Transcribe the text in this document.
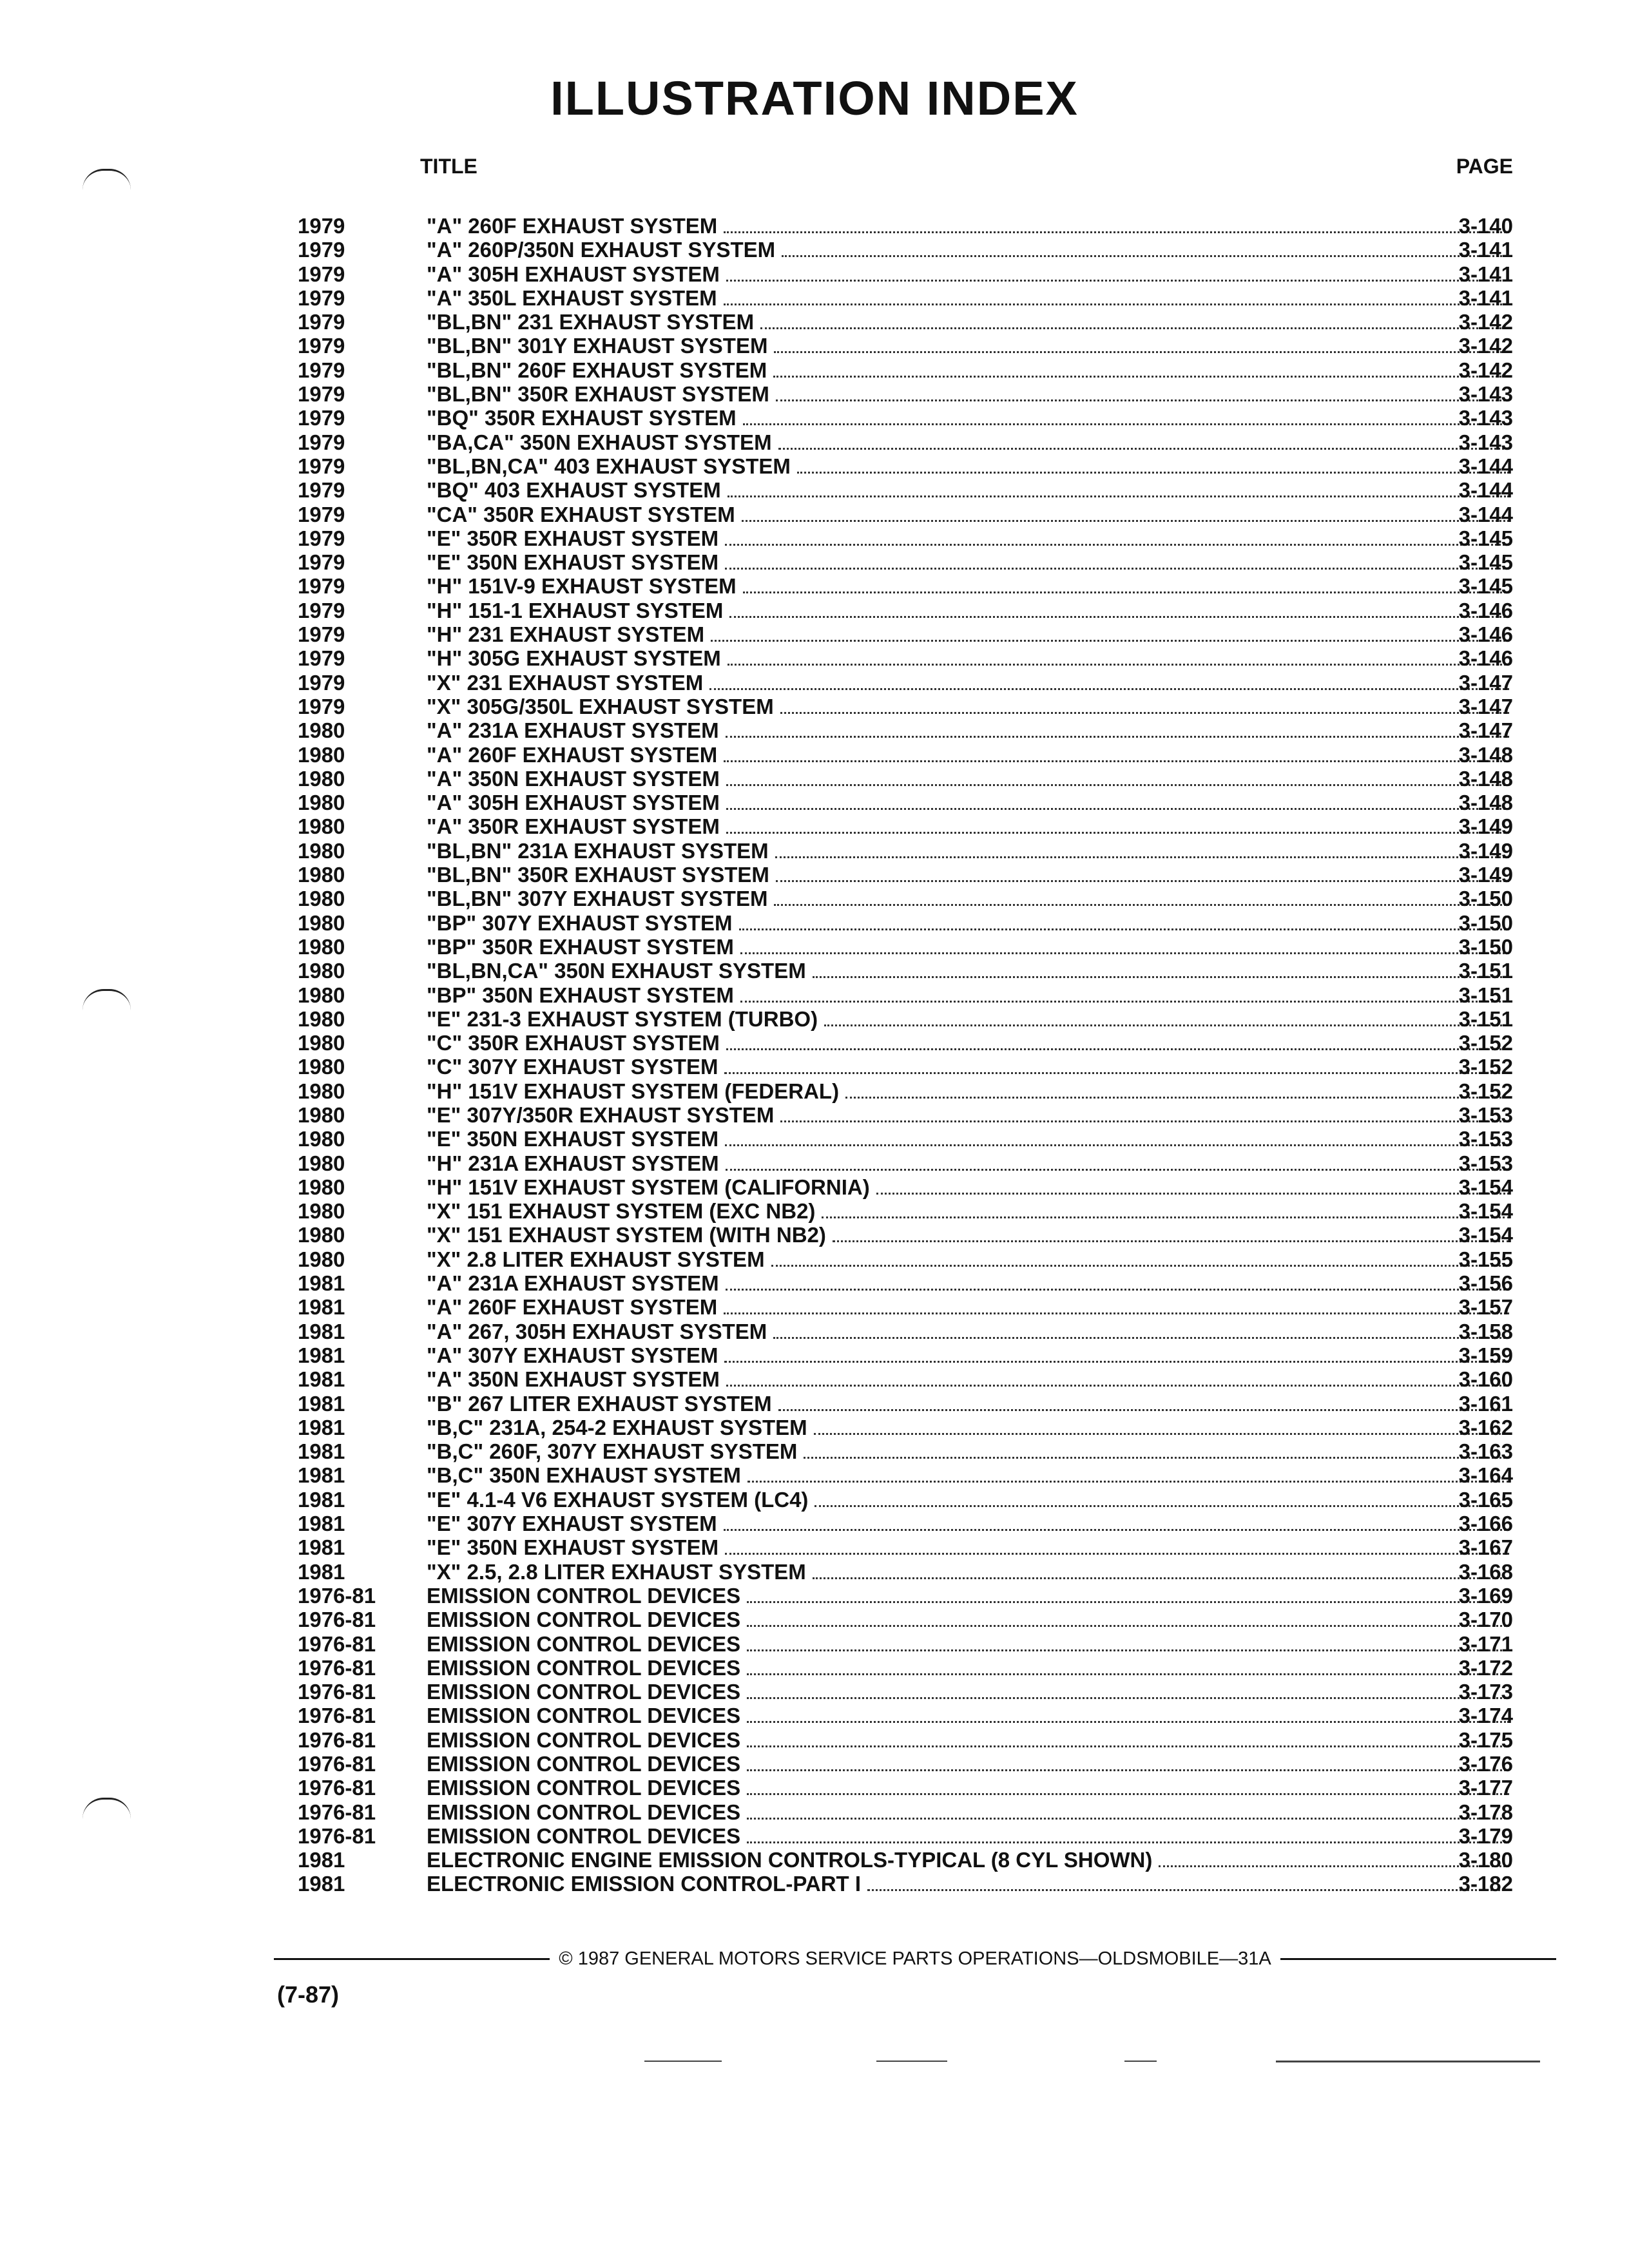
ILLUSTRATION INDEX
TITLE	PAGE
1979	"A" 260F EXHAUST SYSTEM	3-140
1979	"A" 260P/350N EXHAUST SYSTEM	3-141
1979	"A" 305H EXHAUST SYSTEM	3-141
1979	"A" 350L EXHAUST SYSTEM	3-141
1979	"BL,BN" 231 EXHAUST SYSTEM	3-142
1979	"BL,BN" 301Y EXHAUST SYSTEM	3-142
1979	"BL,BN" 260F EXHAUST SYSTEM	3-142
1979	"BL,BN" 350R EXHAUST SYSTEM	3-143
1979	"BQ" 350R EXHAUST SYSTEM	3-143
1979	"BA,CA" 350N EXHAUST SYSTEM	3-143
1979	"BL,BN,CA" 403 EXHAUST SYSTEM	3-144
1979	"BQ" 403 EXHAUST SYSTEM	3-144
1979	"CA" 350R EXHAUST SYSTEM	3-144
1979	"E" 350R EXHAUST SYSTEM	3-145
1979	"E" 350N EXHAUST SYSTEM	3-145
1979	"H" 151V-9 EXHAUST SYSTEM	3-145
1979	"H" 151-1 EXHAUST SYSTEM	3-146
1979	"H" 231 EXHAUST SYSTEM	3-146
1979	"H" 305G EXHAUST SYSTEM	3-146
1979	"X" 231 EXHAUST SYSTEM	3-147
1979	"X" 305G/350L EXHAUST SYSTEM	3-147
1980	"A" 231A EXHAUST SYSTEM	3-147
1980	"A" 260F EXHAUST SYSTEM	3-148
1980	"A" 350N EXHAUST SYSTEM	3-148
1980	"A" 305H EXHAUST SYSTEM	3-148
1980	"A" 350R EXHAUST SYSTEM	3-149
1980	"BL,BN" 231A EXHAUST SYSTEM	3-149
1980	"BL,BN" 350R EXHAUST SYSTEM	3-149
1980	"BL,BN" 307Y EXHAUST SYSTEM	3-150
1980	"BP" 307Y EXHAUST SYSTEM	3-150
1980	"BP" 350R EXHAUST SYSTEM	3-150
1980	"BL,BN,CA" 350N EXHAUST SYSTEM	3-151
1980	"BP" 350N EXHAUST SYSTEM	3-151
1980	"E" 231-3 EXHAUST SYSTEM (TURBO)	3-151
1980	"C" 350R EXHAUST SYSTEM	3-152
1980	"C" 307Y EXHAUST SYSTEM	3-152
1980	"H" 151V EXHAUST SYSTEM (FEDERAL)	3-152
1980	"E" 307Y/350R EXHAUST SYSTEM	3-153
1980	"E" 350N EXHAUST SYSTEM	3-153
1980	"H" 231A EXHAUST SYSTEM	3-153
1980	"H" 151V EXHAUST SYSTEM (CALIFORNIA)	3-154
1980	"X" 151 EXHAUST SYSTEM (EXC NB2)	3-154
1980	"X" 151 EXHAUST SYSTEM (WITH NB2)	3-154
1980	"X" 2.8 LITER EXHAUST SYSTEM	3-155
1981	"A" 231A EXHAUST SYSTEM	3-156
1981	"A" 260F EXHAUST SYSTEM	3-157
1981	"A" 267, 305H EXHAUST SYSTEM	3-158
1981	"A" 307Y EXHAUST SYSTEM	3-159
1981	"A" 350N EXHAUST SYSTEM	3-160
1981	"B" 267 LITER EXHAUST SYSTEM	3-161
1981	"B,C" 231A, 254-2 EXHAUST SYSTEM	3-162
1981	"B,C" 260F, 307Y EXHAUST SYSTEM	3-163
1981	"B,C" 350N EXHAUST SYSTEM	3-164
1981	"E" 4.1-4 V6 EXHAUST SYSTEM (LC4)	3-165
1981	"E" 307Y EXHAUST SYSTEM	3-166
1981	"E" 350N EXHAUST SYSTEM	3-167
1981	"X" 2.5, 2.8 LITER EXHAUST SYSTEM	3-168
1976-81 EMISSION CONTROL DEVICES	3-169
1976-81 EMISSION CONTROL DEVICES	3-170
1976-81 EMISSION CONTROL DEVICES	3-171
1976-81 EMISSION CONTROL DEVICES	3-172
1976-81 EMISSION CONTROL DEVICES	3-173
1976-81 EMISSION CONTROL DEVICES	3-174
1976-81 EMISSION CONTROL DEVICES	3-175
1976-81 EMISSION CONTROL DEVICES	3-176
1976-81 EMISSION CONTROL DEVICES	3-177
1976-81 EMISSION CONTROL DEVICES	3-178
1976-81 EMISSION CONTROL DEVICES	3-179
1981	ELECTRONIC ENGINE EMISSION CONTROLS-TYPICAL (8 CYL SHOWN)	3-180
1981	ELECTRONIC EMISSION CONTROL-PART I	3-182
© 1987 GENERAL MOTORS SERVICE PARTS OPERATIONS—OLDSMOBILE—31A
(7-87)
